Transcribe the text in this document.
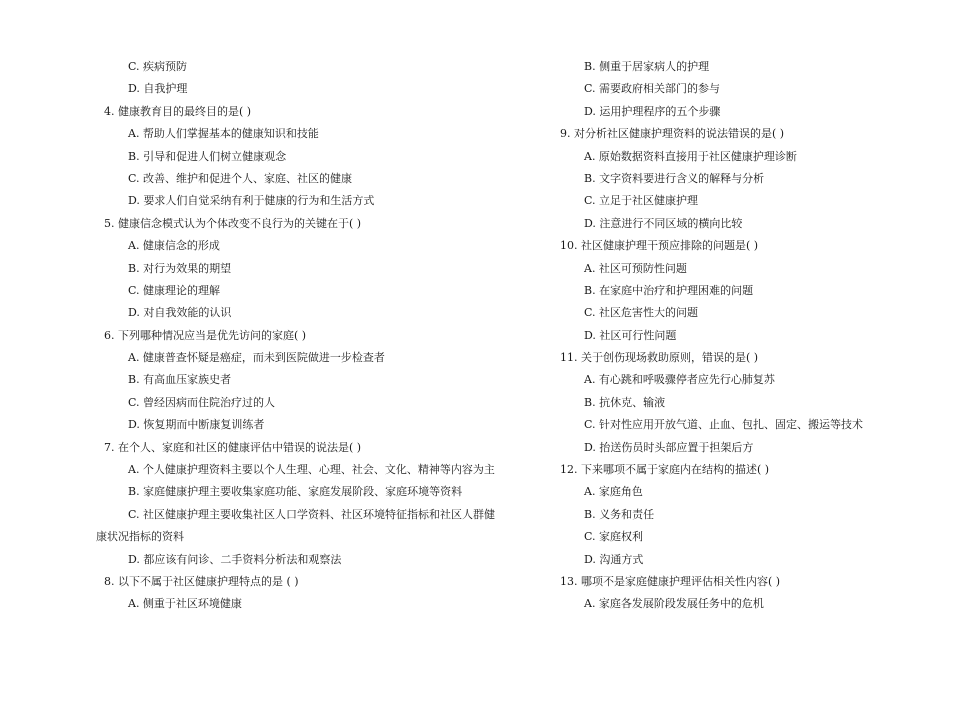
C. 疾病预防
D. 自我护理
4. 健康教育目的最终目的是( )
A. 帮助人们掌握基本的健康知识和技能
B. 引导和促进人们树立健康观念
C. 改善、维护和促进个人、家庭、社区的健康
D. 要求人们自觉采纳有利于健康的行为和生活方式
5. 健康信念模式认为个体改变不良行为的关键在于( )
A. 健康信念的形成
B. 对行为效果的期望
C. 健康理论的理解
D. 对自我效能的认识
6. 下列哪种情况应当是优先访问的家庭( )
A. 健康普查怀疑是癌症，而未到医院做进一步检查者
B. 有高血压家族史者
C. 曾经因病而住院治疗过的人
D. 恢复期而中断康复训练者
7. 在个人、家庭和社区的健康评估中错误的说法是( )
A. 个人健康护理资料主要以个人生理、心理、社会、文化、精神等内容为主
B. 家庭健康护理主要收集家庭功能、家庭发展阶段、家庭环境等资料
C. 社区健康护理主要收集社区人口学资料、社区环境特征指标和社区人群健
康状况指标的资料
D. 都应该有问诊、二手资料分析法和观察法
8. 以下不属于社区健康护理特点的是 ( )
A. 侧重于社区环境健康
B. 侧重于居家病人的护理
C. 需要政府相关部门的参与
D. 运用护理程序的五个步骤
9. 对分析社区健康护理资料的说法错误的是( )
A. 原始数据资料直接用于社区健康护理诊断
B. 文字资料要进行含义的解释与分析
C. 立足于社区健康护理
D. 注意进行不同区域的横向比较
10. 社区健康护理干预应排除的问题是( )
A. 社区可预防性问题
B. 在家庭中治疗和护理困难的问题
C. 社区危害性大的问题
D. 社区可行性问题
11. 关于创伤现场救助原则，错误的是( )
A. 有心跳和呼吸骤停者应先行心肺复苏
B. 抗休克、输液
C. 针对性应用开放气道、止血、包扎、固定、搬运等技术
D. 抬送伤员时头部应置于担架后方
12. 下来哪项不属于家庭内在结构的描述( )
A. 家庭角色
B. 义务和责任
C. 家庭权利
D. 沟通方式
13. 哪项不是家庭健康护理评估相关性内容( )
A. 家庭各发展阶段发展任务中的危机
